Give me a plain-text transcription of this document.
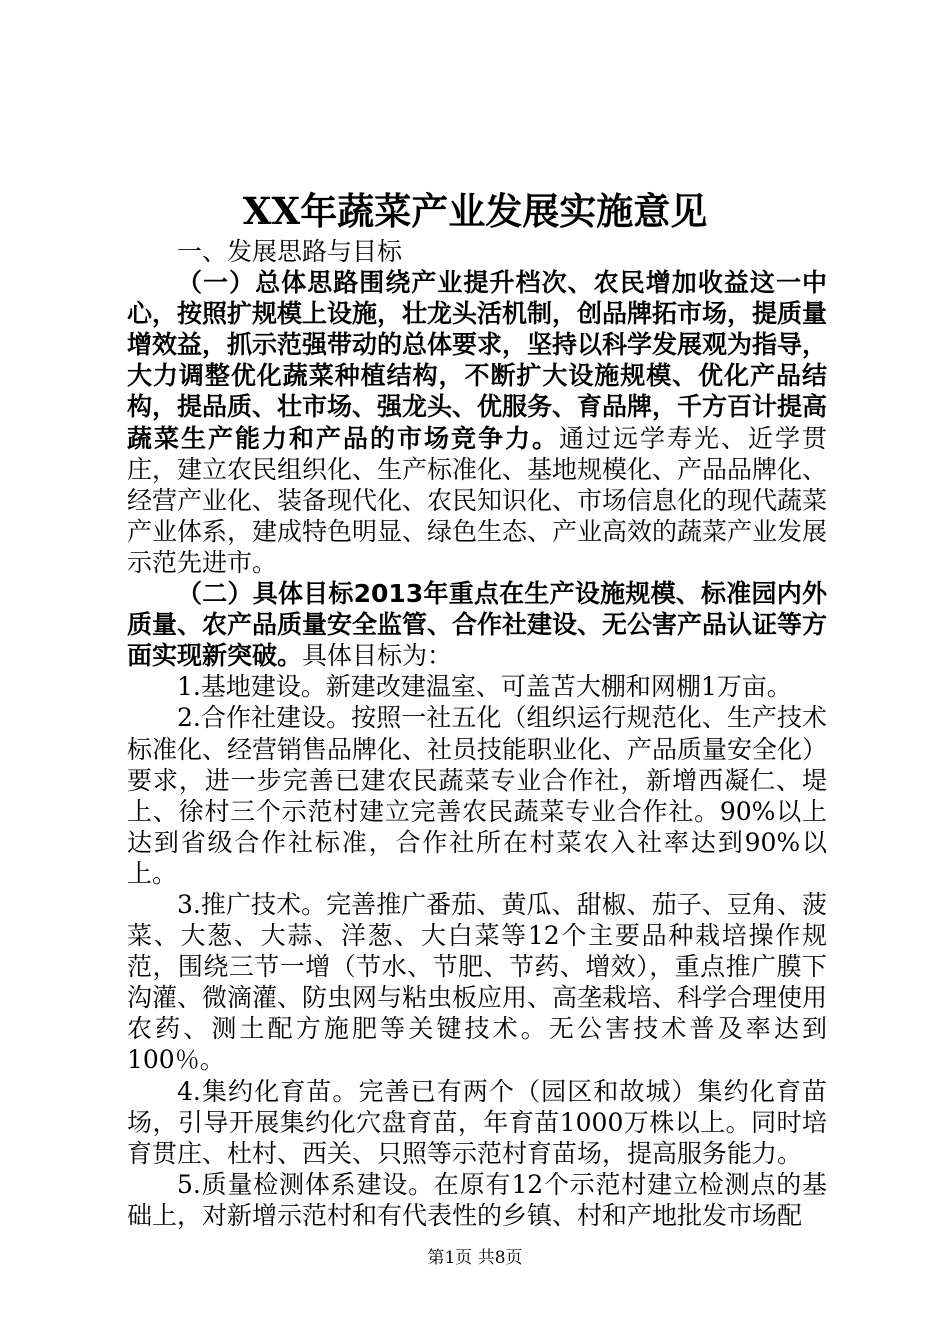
XX年蔬菜产业发展实施意见

一、发展思路与目标

（一）总体思路围绕产业提升档次、农民增加收益这一中心，按照扩规模上设施，壮龙头活机制，创品牌拓市场，提质量增效益，抓示范强带动的总体要求，坚持以科学发展观为指导，大力调整优化蔬菜种植结构，不断扩大设施规模、优化产品结构，提品质、壮市场、强龙头、优服务、育品牌，千方百计提高蔬菜生产能力和产品的市场竞争力。通过远学寿光、近学贯庄，建立农民组织化、生产标准化、基地规模化、产品品牌化、经营产业化、装备现代化、农民知识化、市场信息化的现代蔬菜产业体系，建成特色明显、绿色生态、产业高效的蔬菜产业发展示范先进市。

（二）具体目标2013年重点在生产设施规模、标准园内外质量、农产品质量安全监管、合作社建设、无公害产品认证等方面实现新突破。具体目标为：

1.基地建设。新建改建温室、可盖苫大棚和网棚1万亩。

2.合作社建设。按照一社五化（组织运行规范化、生产技术标准化、经营销售品牌化、社员技能职业化、产品质量安全化）要求，进一步完善已建农民蔬菜专业合作社，新增西凝仁、堤上、徐村三个示范村建立完善农民蔬菜专业合作社。90%以上达到省级合作社标准，合作社所在村菜农入社率达到90%以上。

3.推广技术。完善推广番茄、黄瓜、甜椒、茄子、豆角、菠菜、大葱、大蒜、洋葱、大白菜等12个主要品种栽培操作规范，围绕三节一增（节水、节肥、节药、增效），重点推广膜下沟灌、微滴灌、防虫网与粘虫板应用、高垄栽培、科学合理使用农药、测土配方施肥等关键技术。无公害技术普及率达到100％。

4.集约化育苗。完善已有两个（园区和故城）集约化育苗场，引导开展集约化穴盘育苗，年育苗1000万株以上。同时培育贯庄、杜村、西关、只照等示范村育苗场，提高服务能力。

5.质量检测体系建设。在原有12个示范村建立检测点的基础上，对新增示范村和有代表性的乡镇、村和产地批发市场配

第1页 共8页
